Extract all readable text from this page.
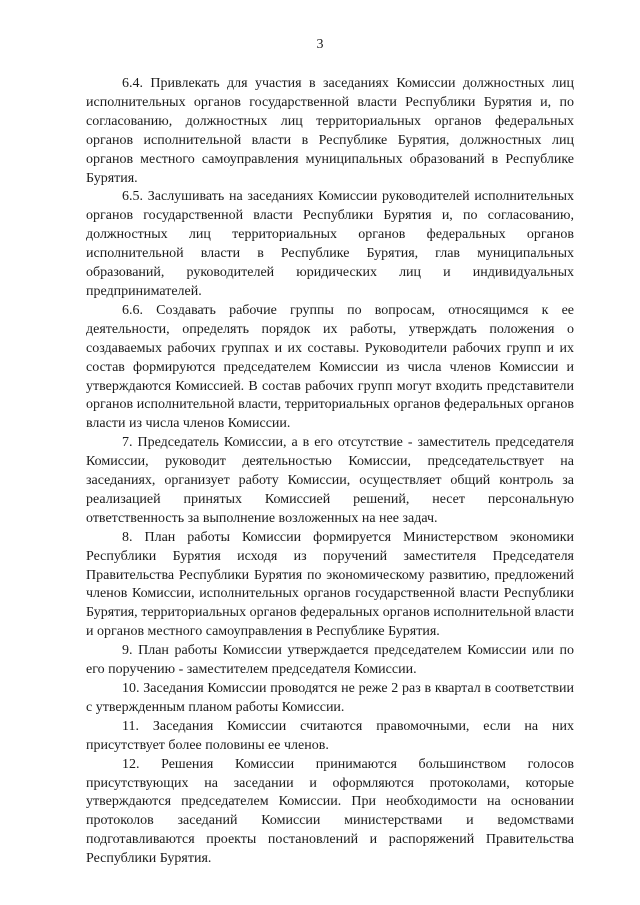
3

6.4. Привлекать для участия в заседаниях Комиссии должностных лиц исполнительных органов государственной власти Республики Бурятия и, по согласованию, должностных лиц территориальных органов федеральных органов исполнительной власти в Республике Бурятия, должностных лиц органов местного самоуправления муниципальных образований в Республике Бурятия.

6.5. Заслушивать на заседаниях Комиссии руководителей исполнительных органов государственной власти Республики Бурятия и, по согласованию, должностных лиц территориальных органов федеральных органов исполнительной власти в Республике Бурятия, глав муниципальных образований, руководителей юридических лиц и индивидуальных предпринимателей.

6.6. Создавать рабочие группы по вопросам, относящимся к ее деятельности, определять порядок их работы, утверждать положения о создаваемых рабочих группах и их составы. Руководители рабочих групп и их состав формируются председателем Комиссии из числа членов Комиссии и утверждаются Комиссией. В состав рабочих групп могут входить представители органов исполнительной власти, территориальных органов федеральных органов власти из числа членов Комиссии.

7. Председатель Комиссии, а в его отсутствие - заместитель председателя Комиссии, руководит деятельностью Комиссии, председательствует на заседаниях, организует работу Комиссии, осуществляет общий контроль за реализацией принятых Комиссией решений, несет персональную ответственность за выполнение возложенных на нее задач.

8. План работы Комиссии формируется Министерством экономики Республики Бурятия исходя из поручений заместителя Председателя Правительства Республики Бурятия по экономическому развитию, предложений членов Комиссии, исполнительных органов государственной власти Республики Бурятия, территориальных органов федеральных органов исполнительной власти и органов местного самоуправления в Республике Бурятия.

9. План работы Комиссии утверждается председателем Комиссии или по его поручению - заместителем председателя Комиссии.

10. Заседания Комиссии проводятся не реже 2 раз в квартал в соответствии с утвержденным планом работы Комиссии.

11. Заседания Комиссии считаются правомочными, если на них присутствует более половины ее членов.

12. Решения Комиссии принимаются большинством голосов присутствующих на заседании и оформляются протоколами, которые утверждаются председателем Комиссии. При необходимости на основании протоколов заседаний Комиссии министерствами и ведомствами подготавливаются проекты постановлений и распоряжений Правительства Республики Бурятия.
